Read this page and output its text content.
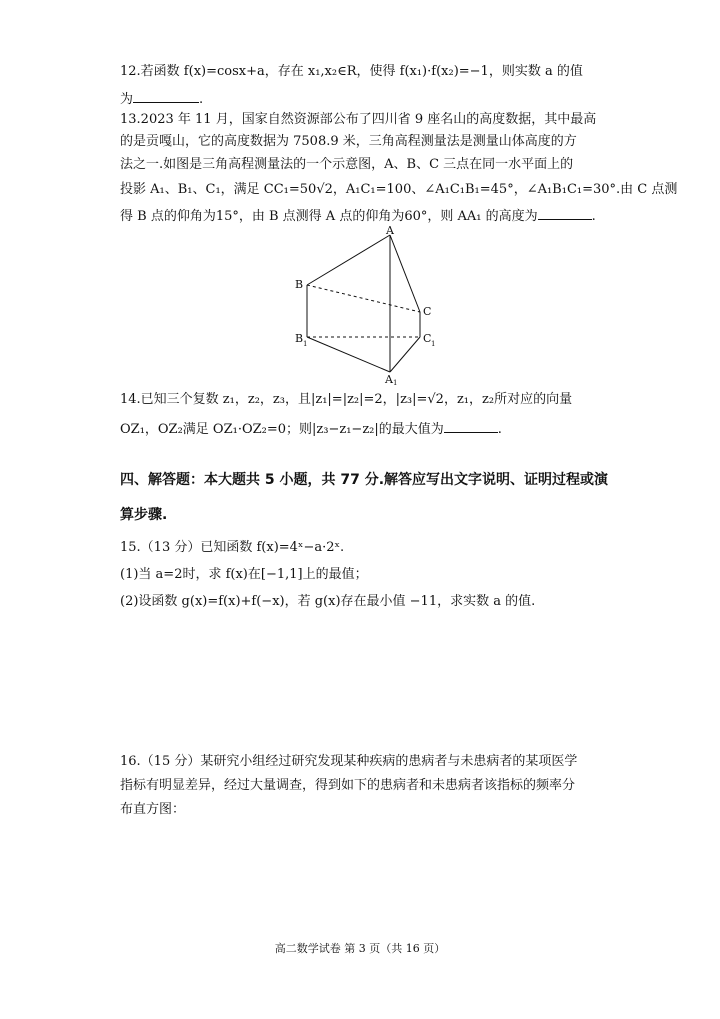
12.若函数 f(x)=cosx+a，存在 x₁,x₂∈R，使得 f(x₁)·f(x₂)=−1，则实数 a 的值
为	.
13.2023 年 11 月，国家自然资源部公布了四川省 9 座名山的高度数据，其中最高
的是贡嘎山，它的高度数据为 7508.9 米，三角高程测量法是测量山体高度的方
法之一.如图是三角高程测量法的一个示意图，A、B、C 三点在同一水平面上的
投影 A₁、B₁、C₁，满足 CC₁=50√2，A₁C₁=100、∠A₁C₁B₁=45°，∠A₁B₁C₁=30°.由 C 点测
得 B 点的仰角为15°，由 B 点测得 A 点的仰角为60°，则 AA₁ 的高度为	.
A
B
C
B 1	C 1
A 1
14.已知三个复数 z₁，z₂，z₃，且|z₁|=|z₂|=2，|z₃|=√2，z₁，z₂所对应的向量
OZ₁，OZ₂满足 OZ₁·OZ₂=0；则|z₃−z₁−z₂|的最大值为	.
四、解答题：本大题共 5 小题，共 77 分.解答应写出文字说明、证明过程或演
算步骤.
15.（13 分）已知函数 f(x)=4ˣ−a·2ˣ.
(1)当 a=2时，求 f(x)在[−1,1]上的最值；
(2)设函数 g(x)=f(x)+f(−x)，若 g(x)存在最小值 −11，求实数 a 的值.
16.（15 分）某研究小组经过研究发现某种疾病的患病者与未患病者的某项医学
指标有明显差异，经过大量调查，得到如下的患病者和未患病者该指标的频率分
布直方图：
高二数学试卷 第 3 页（共 16 页）
